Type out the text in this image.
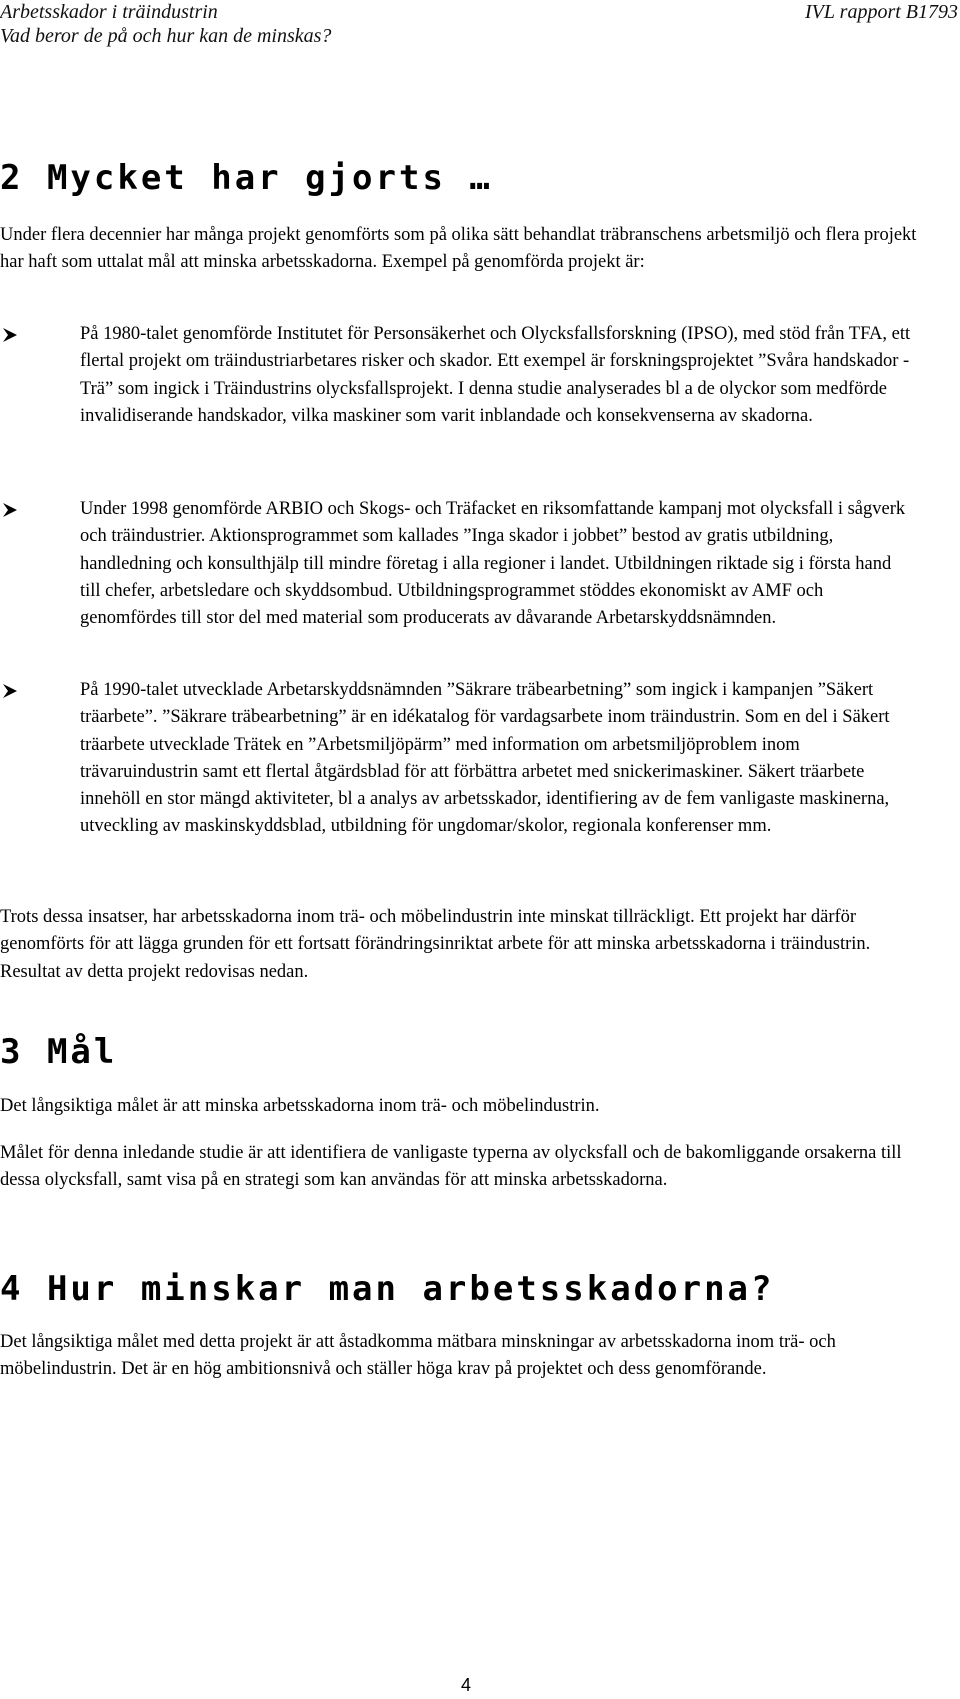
Arbetsskador i träindustrin
Vad beror de på och hur kan de minskas?
IVL rapport B1793
2 Mycket har gjorts …

Under flera decennier har många projekt genomförts som på olika sätt behandlat träbranschens arbetsmiljö och flera projekt har haft som uttalat mål att minska arbetsskadorna. Exempel på genomförda projekt är:

På 1980-talet genomförde Institutet för Personsäkerhet och Olycksfallsforskning (IPSO), med stöd från TFA, ett flertal projekt om träindustriarbetares risker och skador. Ett exempel är forskningsprojektet ”Svåra handskador - Trä” som ingick i Träindustrins olycksfallsprojekt. I denna studie analyserades bl a de olyckor som medförde invalidiserande handskador, vilka maskiner som varit inblandade och konsekvenserna av skadorna.
Under 1998 genomförde ARBIO och Skogs- och Träfacket en riksomfattande kampanj mot olycksfall i sågverk och träindustrier. Aktionsprogrammet som kallades ”Inga skador i jobbet” bestod av gratis utbildning, handledning och konsulthjälp till mindre företag i alla regioner i landet. Utbildningen riktade sig i första hand till chefer, arbetsledare och skyddsombud. Utbildningsprogrammet stöddes ekonomiskt av AMF och genomfördes till stor del med material som producerats av dåvarande Arbetarskyddsnämnden.
På 1990-talet utvecklade Arbetarskyddsnämnden ”Säkrare träbearbetning” som ingick i kampanjen ”Säkert träarbete”. ”Säkrare träbearbetning” är en idékatalog för vardagsarbete inom träindustrin. Som en del i Säkert träarbete utvecklade Trätek en ”Arbetsmiljöpärm” med information om arbetsmiljöproblem inom trävaruindustrin samt ett flertal åtgärdsblad för att förbättra arbetet med snickerimaskiner. Säkert träarbete innehöll en stor mängd aktiviteter, bl a analys av arbetsskador, identifiering av de fem vanligaste maskinerna, utveckling av maskinskyddsblad, utbildning för ungdomar/skolor, regionala konferenser mm.

Trots dessa insatser, har arbetsskadorna inom trä- och möbelindustrin inte minskat tillräckligt. Ett projekt har därför genomförts för att lägga grunden för ett fortsatt förändringsinriktat arbete för att minska arbetsskadorna i träindustrin. Resultat av detta projekt redovisas nedan.

3 Mål

Det långsiktiga målet är att minska arbetsskadorna inom trä- och möbelindustrin.

Målet för denna inledande studie är att identifiera de vanligaste typerna av olycksfall och de bakomliggande orsakerna till dessa olycksfall, samt visa på en strategi som kan användas för att minska arbetsskadorna.

4 Hur minskar man arbetsskadorna?

Det långsiktiga målet med detta projekt är att åstadkomma mätbara minskningar av arbetsskadorna inom trä- och möbelindustrin. Det är en hög ambitionsnivå och ställer höga krav på projektet och dess genomförande.

4
